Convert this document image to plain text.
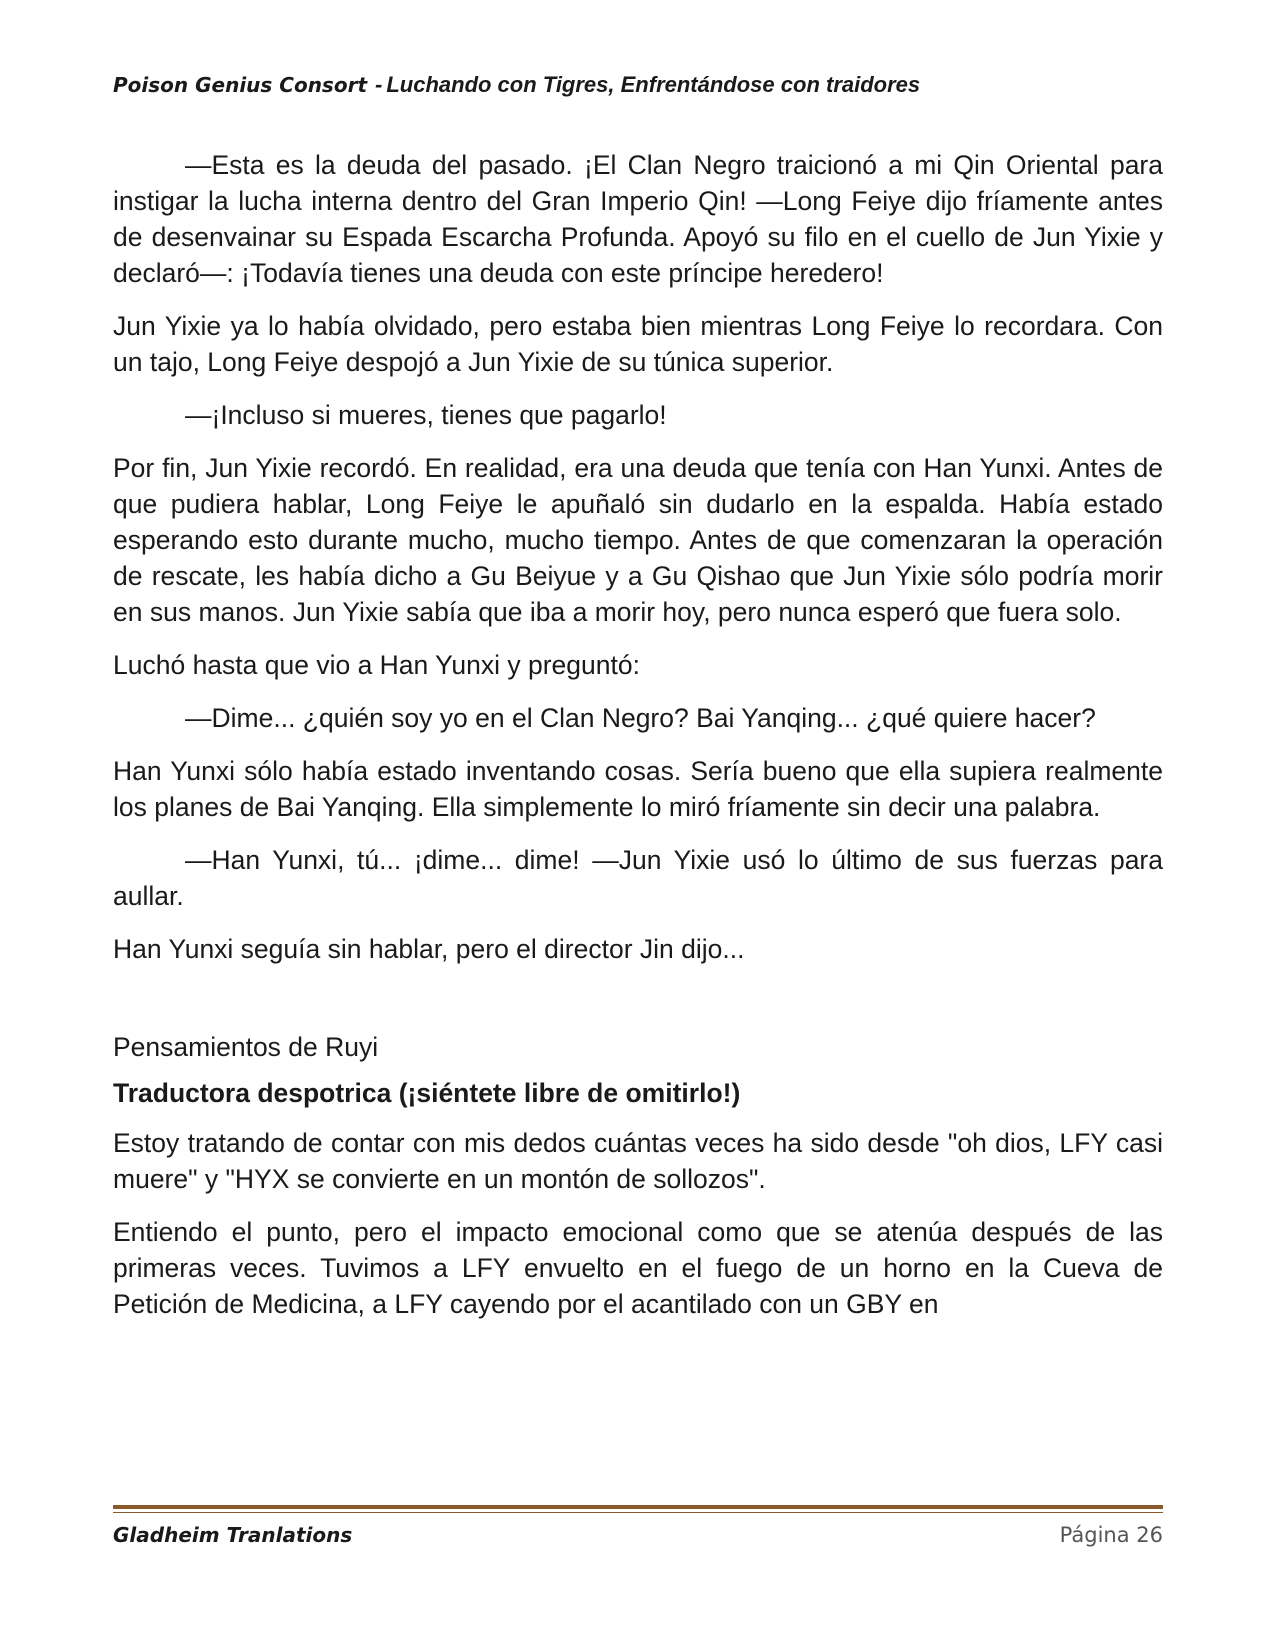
Poison Genius Consort - Luchando con Tigres, Enfrentándose con traidores

—Esta es la deuda del pasado. ¡El Clan Negro traicionó a mi Qin Oriental para instigar la lucha interna dentro del Gran Imperio Qin! —Long Feiye dijo fríamente antes de desenvainar su Espada Escarcha Profunda. Apoyó su filo en el cuello de Jun Yixie y declaró—: ¡Todavía tienes una deuda con este príncipe heredero!

Jun Yixie ya lo había olvidado, pero estaba bien mientras Long Feiye lo recordara. Con un tajo, Long Feiye despojó a Jun Yixie de su túnica superior.

—¡Incluso si mueres, tienes que pagarlo!

Por fin, Jun Yixie recordó. En realidad, era una deuda que tenía con Han Yunxi. Antes de que pudiera hablar, Long Feiye le apuñaló sin dudarlo en la espalda. Había estado esperando esto durante mucho, mucho tiempo. Antes de que comenzaran la operación de rescate, les había dicho a Gu Beiyue y a Gu Qishao que Jun Yixie sólo podría morir en sus manos. Jun Yixie sabía que iba a morir hoy, pero nunca esperó que fuera solo.

Luchó hasta que vio a Han Yunxi y preguntó:

—Dime... ¿quién soy yo en el Clan Negro? Bai Yanqing... ¿qué quiere hacer?

Han Yunxi sólo había estado inventando cosas. Sería bueno que ella supiera realmente los planes de Bai Yanqing. Ella simplemente lo miró fríamente sin decir una palabra.

—Han Yunxi, tú... ¡dime... dime! —Jun Yixie usó lo último de sus fuerzas para aullar.

Han Yunxi seguía sin hablar, pero el director Jin dijo...

Pensamientos de Ruyi

Traductora despotrica (¡siéntete libre de omitirlo!)

Estoy tratando de contar con mis dedos cuántas veces ha sido desde "oh dios, LFY casi muere" y "HYX se convierte en un montón de sollozos".

Entiendo el punto, pero el impacto emocional como que se atenúa después de las primeras veces. Tuvimos a LFY envuelto en el fuego de un horno en la Cueva de Petición de Medicina, a LFY cayendo por el acantilado con un GBY en

Gladheim Tranlations	Página 26
